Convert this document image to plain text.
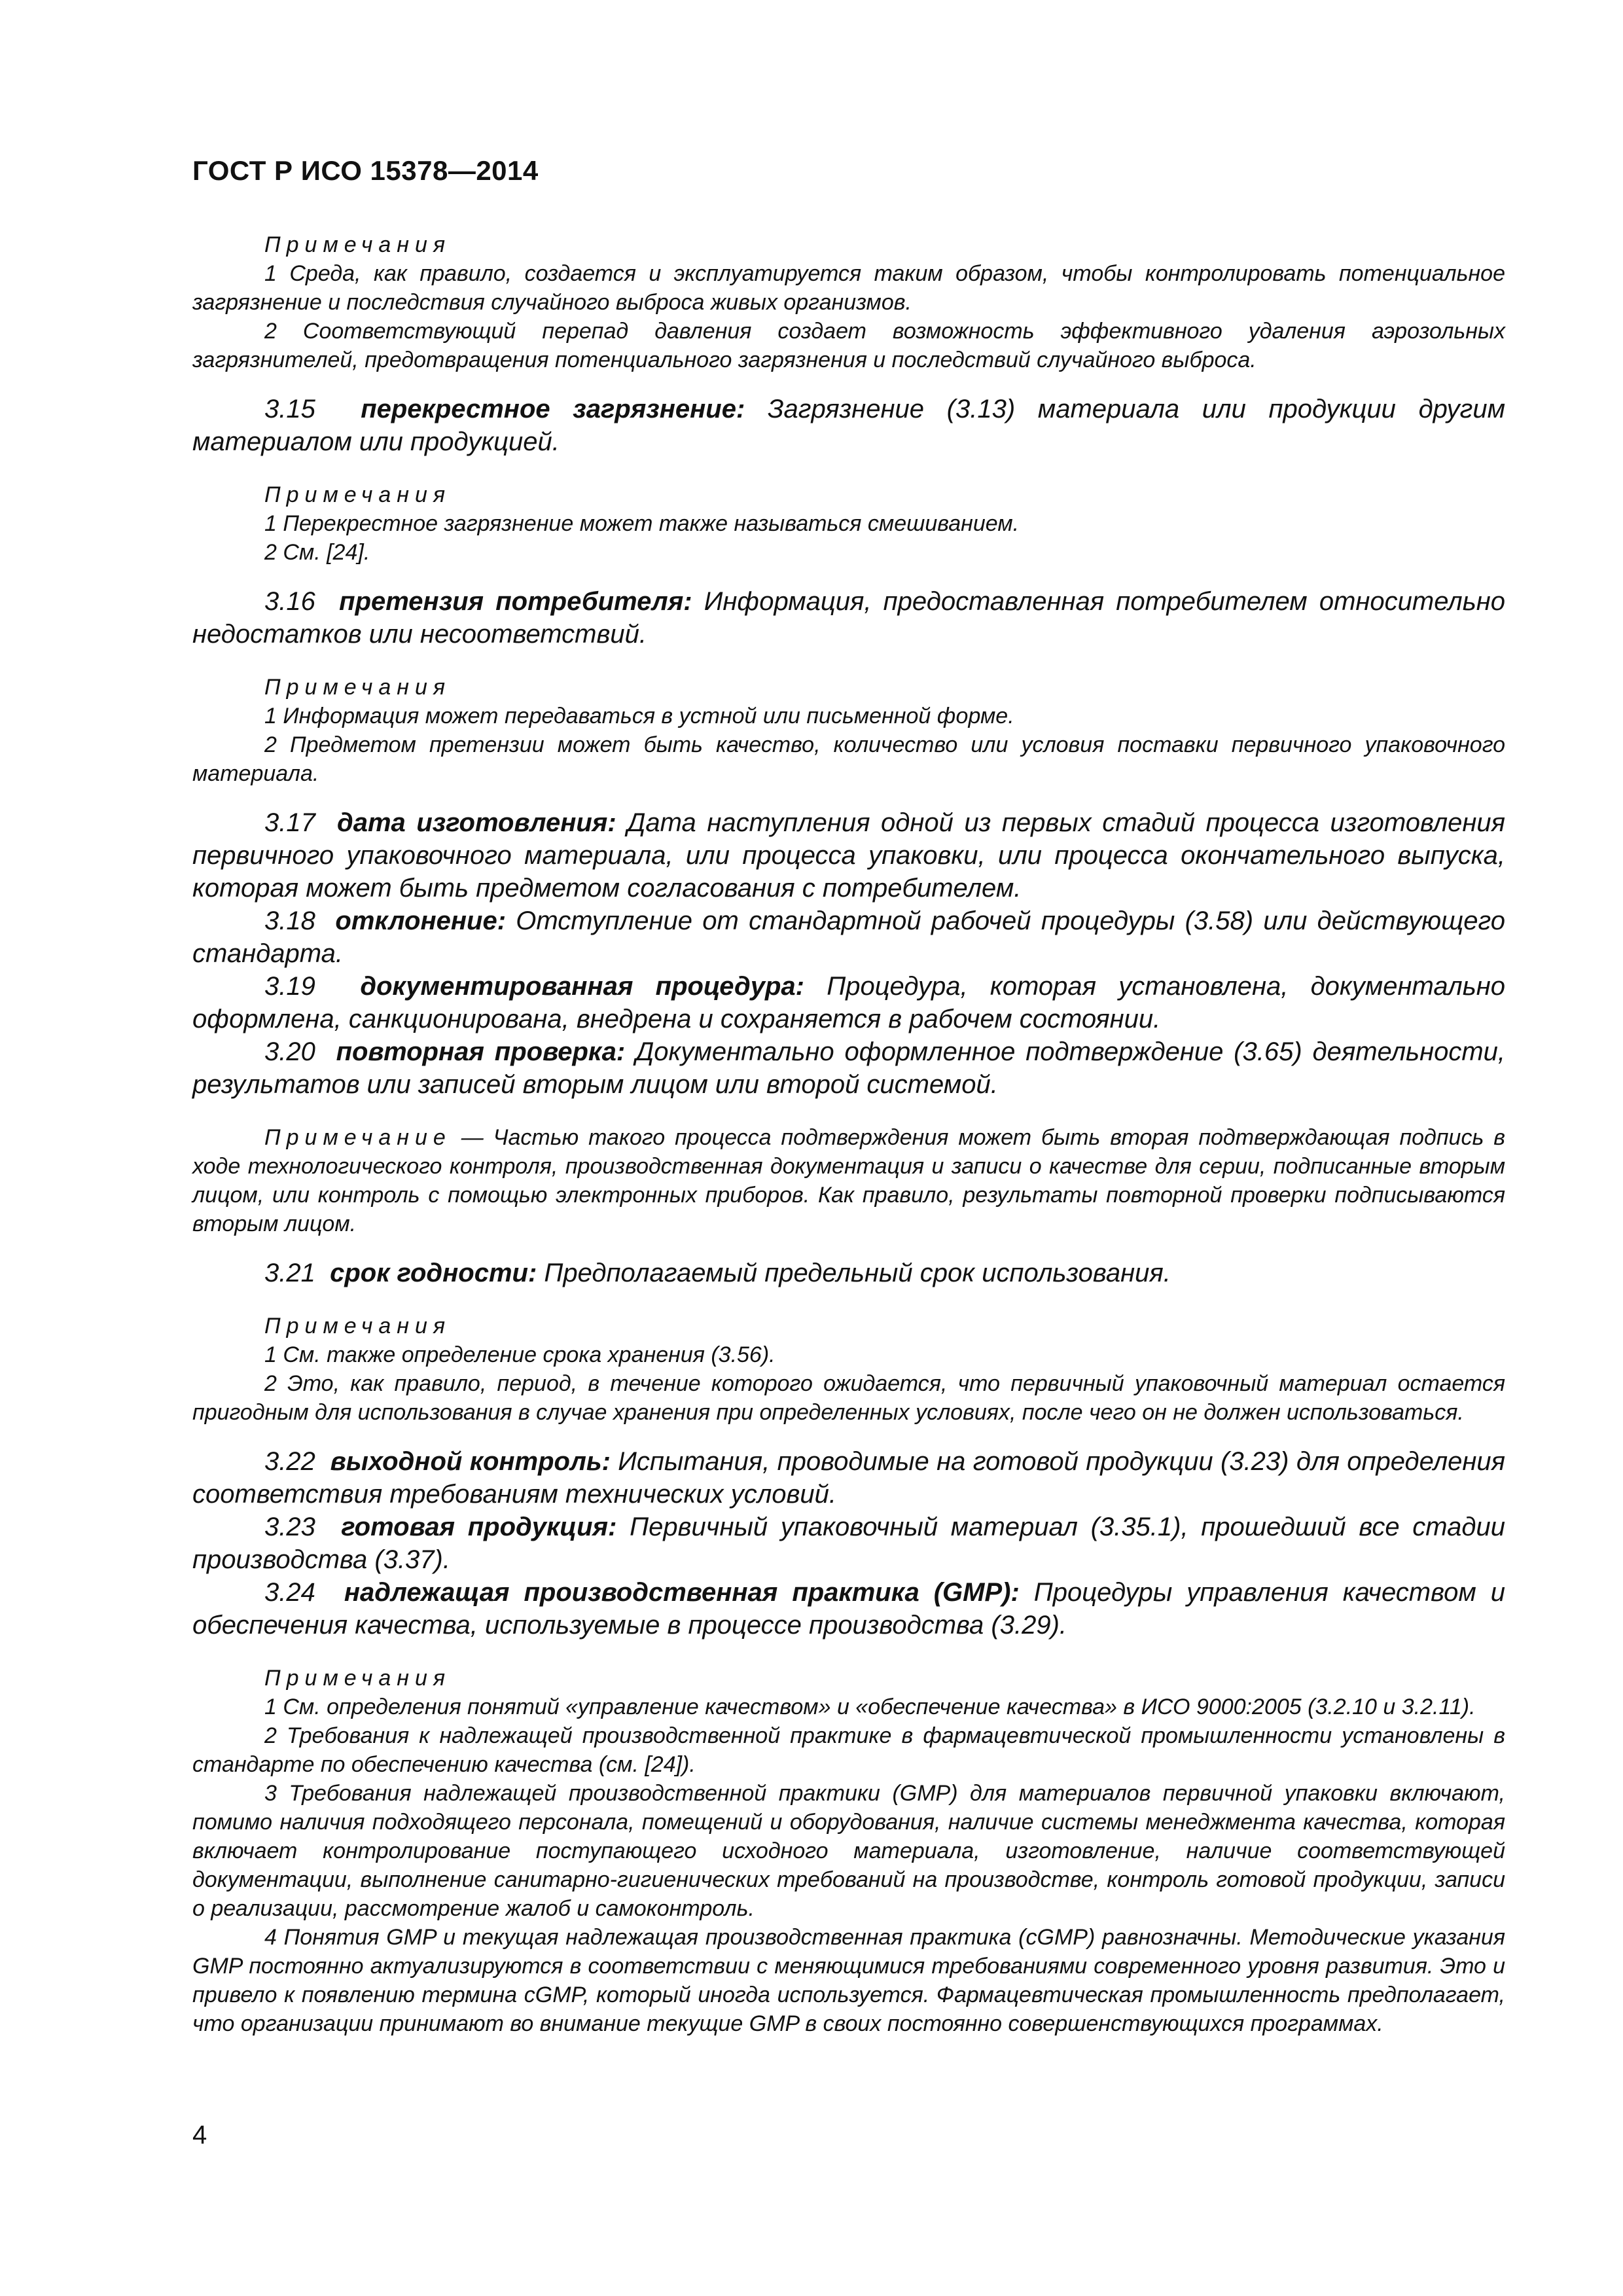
ГОСТ Р ИСО 15378—2014
Примечания

1 Среда, как правило, создается и эксплуатируется таким образом, чтобы контролировать потенциальное загрязнение и последствия случайного выброса живых организмов.

2 Соответствующий перепад давления создает возможность эффективного удаления аэрозольных загрязнителей, предотвращения потенциального загрязнения и последствий случайного выброса.

3.15 перекрестное загрязнение: Загрязнение (3.13) материала или продукции другим материалом или продукцией.

Примечания

1 Перекрестное загрязнение может также называться смешиванием.

2 См. [24].

3.16 претензия потребителя: Информация, предоставленная потребителем относительно недостатков или несоответствий.

Примечания

1 Информация может передаваться в устной или письменной форме.

2 Предметом претензии может быть качество, количество или условия поставки первичного упаковочного материала.

3.17 дата изготовления: Дата наступления одной из первых стадий процесса изготовления первичного упаковочного материала, или процесса упаковки, или процесса окончательного выпуска, которая может быть предметом согласования с потребителем.

3.18 отклонение: Отступление от стандартной рабочей процедуры (3.58) или действующего стандарта.

3.19 документированная процедура: Процедура, которая установлена, документально оформлена, санкционирована, внедрена и сохраняется в рабочем состоянии.

3.20 повторная проверка: Документально оформленное подтверждение (3.65) деятельности, результатов или записей вторым лицом или второй системой.

Примечание — Частью такого процесса подтверждения может быть вторая подтверждающая подпись в ходе технологического контроля, производственная документация и записи о качестве для серии, подписанные вторым лицом, или контроль с помощью электронных приборов. Как правило, результаты повторной проверки подписываются вторым лицом.

3.21 срок годности: Предполагаемый предельный срок использования.

Примечания

1 См. также определение срока хранения (3.56).

2 Это, как правило, период, в течение которого ожидается, что первичный упаковочный материал остается пригодным для использования в случае хранения при определенных условиях, после чего он не должен использоваться.

3.22 выходной контроль: Испытания, проводимые на готовой продукции (3.23) для определения соответствия требованиям технических условий.

3.23 готовая продукция: Первичный упаковочный материал (3.35.1), прошедший все стадии производства (3.37).

3.24 надлежащая производственная практика (GMP): Процедуры управления качеством и обеспечения качества, используемые в процессе производства (3.29).

Примечания

1 См. определения понятий «управление качеством» и «обеспечение качества» в ИСО 9000:2005 (3.2.10 и 3.2.11).

2 Требования к надлежащей производственной практике в фармацевтической промышленности установлены в стандарте по обеспечению качества (см. [24]).

3 Требования надлежащей производственной практики (GMP) для материалов первичной упаковки включают, помимо наличия подходящего персонала, помещений и оборудования, наличие системы менеджмента качества, которая включает контролирование поступающего исходного материала, изготовление, наличие соответствующей документации, выполнение санитарно-гигиенических требований на производстве, контроль готовой продукции, записи о реализации, рассмотрение жалоб и самоконтроль.

4 Понятия GMP и текущая надлежащая производственная практика (cGMP) равнозначны. Методические указания GMP постоянно актуализируются в соответствии с меняющимися требованиями современного уровня развития. Это и привело к появлению термина cGMP, который иногда используется. Фармацевтическая промышленность предполагает, что организации принимают во внимание текущие GMP в своих постоянно совершенствующихся программах.

4
